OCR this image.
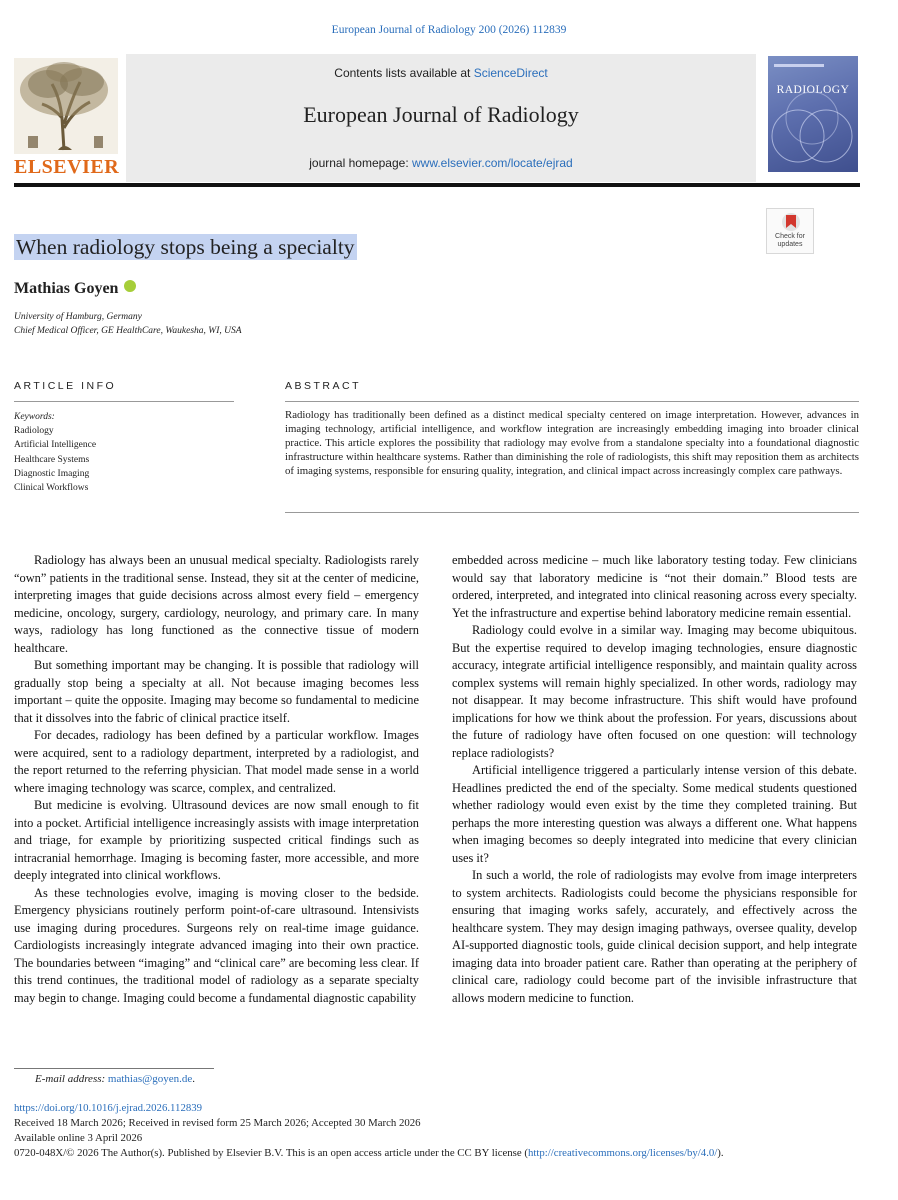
European Journal of Radiology 200 (2026) 112839
ELSEVIER
Contents lists available at ScienceDirect
European Journal of Radiology
journal homepage: www.elsevier.com/locate/ejrad
RADIOLOGY
Check for updates
When radiology stops being a specialty
Mathias Goyen
University of Hamburg, Germany
Chief Medical Officer, GE HealthCare, Waukesha, WI, USA
ARTICLE INFO	ABSTRACT
Keywords:
Radiology
Artificial Intelligence
Healthcare Systems
Diagnostic Imaging
Clinical Workflows
Radiology has traditionally been defined as a distinct medical specialty centered on image interpretation. However, advances in imaging technology, artificial intelligence, and workflow integration are increasingly embedding imaging into broader clinical practice. This article explores the possibility that radiology may evolve from a standalone specialty into a foundational diagnostic infrastructure within healthcare systems. Rather than diminishing the role of radiologists, this shift may reposition them as architects of imaging systems, responsible for ensuring quality, integration, and clinical impact across increasingly complex care pathways.

Radiology has always been an unusual medical specialty. Radiologists rarely “own” patients in the traditional sense. Instead, they sit at the center of medicine, interpreting images that guide decisions across almost every field – emergency medicine, oncology, surgery, cardiology, neurology, and primary care. In many ways, radiology has long functioned as the connective tissue of modern healthcare.

But something important may be changing. It is possible that radiology will gradually stop being a specialty at all. Not because imaging becomes less important – quite the opposite. Imaging may become so fundamental to medicine that it dissolves into the fabric of clinical practice itself.

For decades, radiology has been defined by a particular workflow. Images were acquired, sent to a radiology department, interpreted by a radiologist, and the report returned to the referring physician. That model made sense in a world where imaging technology was scarce, complex, and centralized.

But medicine is evolving. Ultrasound devices are now small enough to fit into a pocket. Artificial intelligence increasingly assists with image interpretation and triage, for example by prioritizing suspected critical findings such as intracranial hemorrhage. Imaging is becoming faster, more accessible, and more deeply integrated into clinical workflows.

As these technologies evolve, imaging is moving closer to the bedside. Emergency physicians routinely perform point-of-care ultrasound. Intensivists use imaging during procedures. Surgeons rely on real-time image guidance. Cardiologists increasingly integrate advanced imaging into their own practice. The boundaries between “imaging” and “clinical care” are becoming less clear. If this trend continues, the traditional model of radiology as a separate specialty may begin to change. Imaging could become a fundamental diagnostic capability

embedded across medicine – much like laboratory testing today. Few clinicians would say that laboratory medicine is “not their domain.” Blood tests are ordered, interpreted, and integrated into clinical reasoning across every specialty. Yet the infrastructure and expertise behind laboratory medicine remain essential.

Radiology could evolve in a similar way. Imaging may become ubiquitous. But the expertise required to develop imaging technologies, ensure diagnostic accuracy, integrate artificial intelligence responsibly, and maintain quality across complex systems will remain highly specialized. In other words, radiology may not disappear. It may become infrastructure. This shift would have profound implications for how we think about the profession. For years, discussions about the future of radiology have often focused on one question: will technology replace radiologists?

Artificial intelligence triggered a particularly intense version of this debate. Headlines predicted the end of the specialty. Some medical students questioned whether radiology would even exist by the time they completed training. But perhaps the more interesting question was always a different one. What happens when imaging becomes so deeply integrated into medicine that every clinician uses it?

In such a world, the role of radiologists may evolve from image interpreters to system architects. Radiologists could become the physicians responsible for ensuring that imaging works safely, accurately, and effectively across the healthcare system. They may design imaging pathways, oversee quality, develop AI-supported diagnostic tools, guide clinical decision support, and help integrate imaging data into broader patient care. Rather than operating at the periphery of clinical care, radiology could become part of the invisible infrastructure that allows modern medicine to function.

E-mail address: mathias@goyen.de.
https://doi.org/10.1016/j.ejrad.2026.112839
Received 18 March 2026; Received in revised form 25 March 2026; Accepted 30 March 2026
Available online 3 April 2026
0720-048X/© 2026 The Author(s). Published by Elsevier B.V. This is an open access article under the CC BY license (http://creativecommons.org/licenses/by/4.0/).
